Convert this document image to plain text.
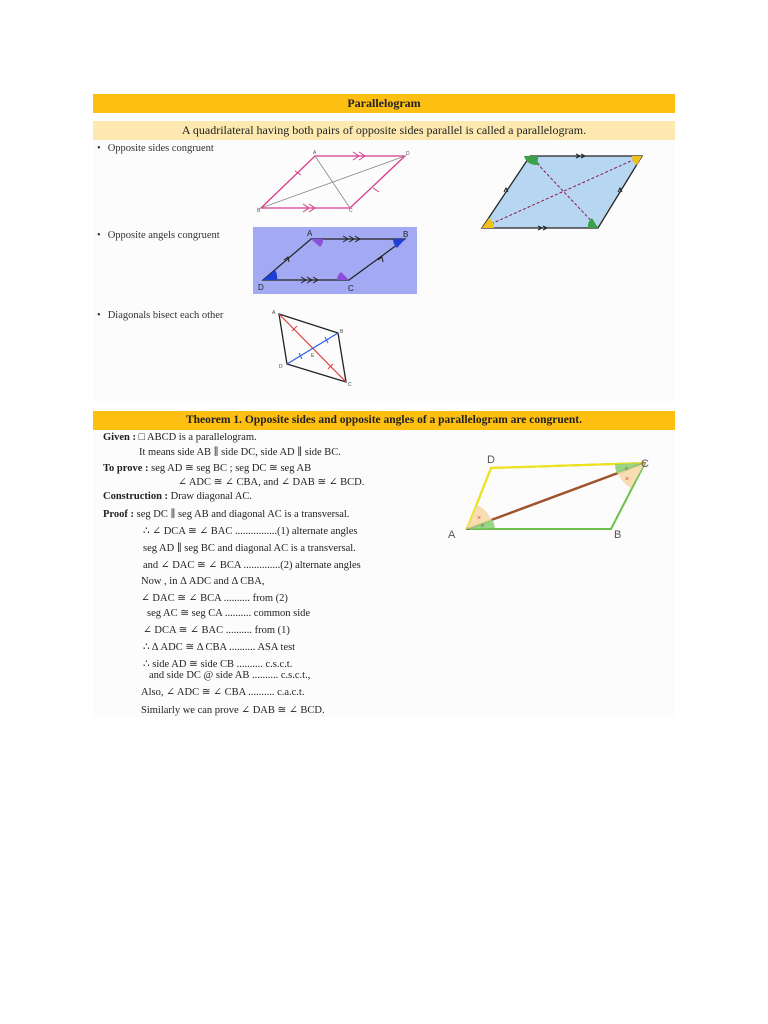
Parallelogram
A quadrilateral having both pairs of opposite sides parallel is called a parallelogram.
• Opposite sides congruent
• Opposite angels congruent
• Diagonals bisect each other
A	D
B	C
A	B
C
D
A
B
C
D
E
Theorem 1. Opposite sides and opposite angles of a parallelogram are congruent.
Given : □ ABCD is a parallelogram.
It means side AB ∥ side DC, side AD ∥ side BC.
To prove : seg AD ≅ seg BC ; seg DC ≅ seg AB
∠ ADC ≅ ∠ CBA, and ∠ DAB ≅ ∠ BCD.
Construction : Draw diagonal AC.
Proof : seg DC ∥ seg AB and diagonal AC is a transversal.
∴ ∠ DCA ≅ ∠ BAC ................(1) alternate angles
seg AD ∥ seg BC and diagonal AC is a transversal.
and ∠ DAC ≅ ∠ BCA ..............(2) alternate angles
Now , in Δ ADC and Δ CBA,
∠ DAC ≅ ∠ BCA .......... from (2)
seg AC ≅ seg CA .......... common side
∠ DCA ≅ ∠ BAC .......... from (1)
∴ Δ ADC ≅ Δ CBA .......... ASA test
∴ side AD ≅ side CB .......... c.s.c.t.
and side DC @ side AB .......... c.s.c.t.,
Also, ∠ ADC ≅ ∠ CBA .......... c.a.c.t.
Similarly we can prove ∠ DAB ≅ ∠ BCD.
×
×
o
o
A	B
C
D
